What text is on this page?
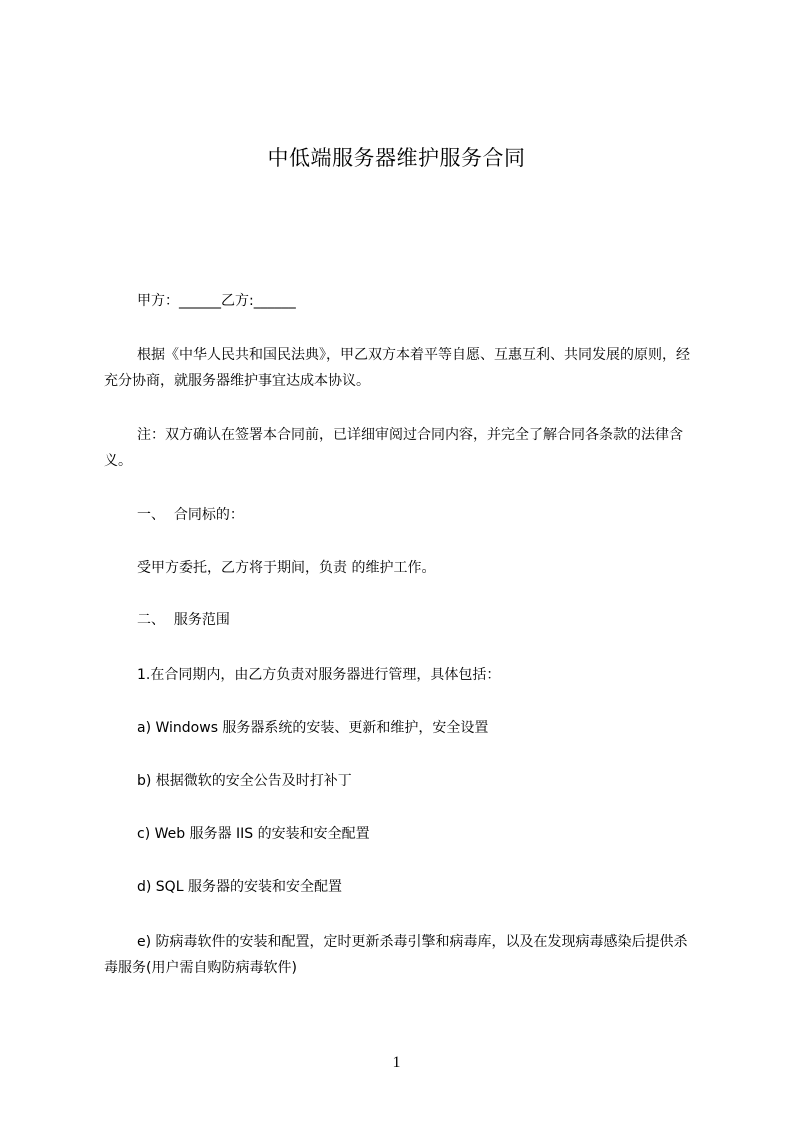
中低端服务器维护服务合同
甲方：______乙方:______
根据《中华人民共和国民法典》，甲乙双方本着平等自愿、互惠互利、共同发展的原则，经充分协商，就服务器维护事宜达成本协议。
注：双方确认在签署本合同前，已详细审阅过合同内容，并完全了解合同各条款的法律含义。
一、  合同标的：
受甲方委托，乙方将于期间，负责 的维护工作。
二、  服务范围
1.在合同期内，由乙方负责对服务器进行管理，具体包括：
a) Windows 服务器系统的安装、更新和维护，安全设置
b) 根据微软的安全公告及时打补丁
c) Web 服务器 IIS 的安装和安全配置
d) SQL 服务器的安装和安全配置
e) 防病毒软件的安装和配置，定时更新杀毒引擎和病毒库，以及在发现病毒感染后提供杀毒服务(用户需自购防病毒软件)
1
